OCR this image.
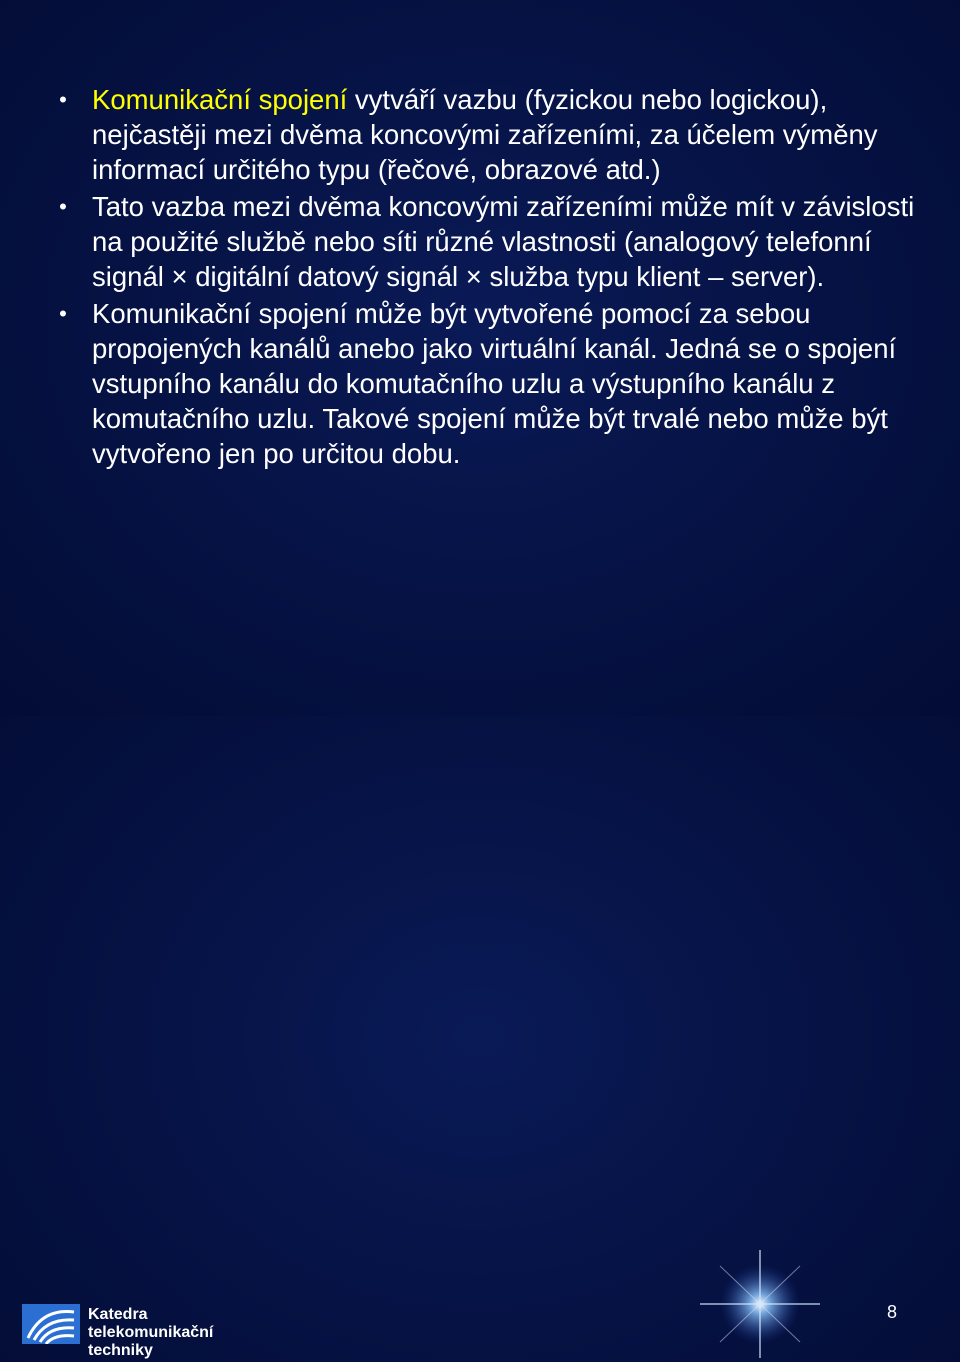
• Komunikační spojení vytváří vazbu (fyzickou nebo logickou), nejčastěji mezi dvěma koncovými zařízeními, za účelem výměny informací určitého typu (řečové, obrazové atd.)
• Tato vazba mezi dvěma koncovými zařízeními může mít v závislosti na použité službě nebo síti různé vlastnosti (analogový telefonní signál × digitální datový signál × služba typu klient – server).
• Komunikační spojení může být vytvořené pomocí za sebou propojených kanálů anebo jako virtuální kanál. Jedná se o spojení vstupního kanálu do komutačního uzlu a výstupního kanálu z komutačního uzlu. Takové spojení může být trvalé nebo může být vytvořeno jen po určitou dobu.
Katedra
telekomunikační techniky
8
